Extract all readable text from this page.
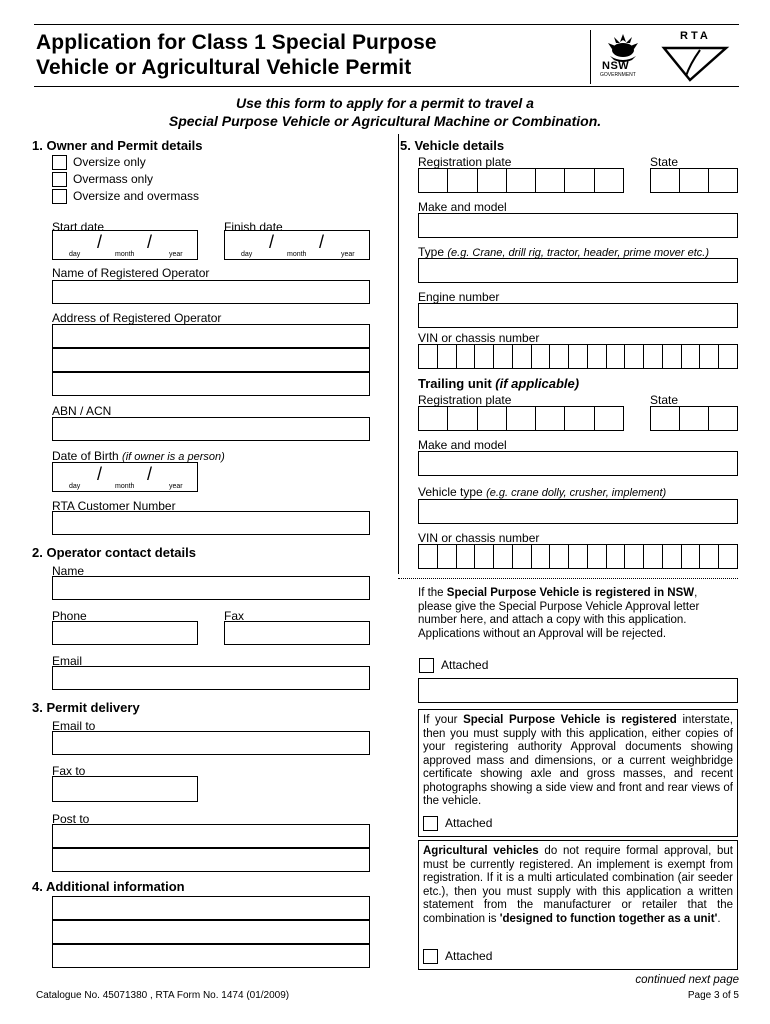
Application for Class 1 Special Purpose
Vehicle or Agricultural Vehicle Permit	NSW
GOVERNMENT
RTA
Use this form to apply for a permit to travel a
Special Purpose Vehicle or Agricultural Machine or Combination.
1. Owner and Permit details
Oversize only
Overmass only
Oversize and overmass
Start date
/ /
day	month	year
Finish date
/ /
day	month	year
Name of Registered Operator
Address of Registered Operator
ABN / ACN
Date of Birth (if owner is a person)
/ /
day	month	year
RTA Customer Number
2. Operator contact details
Name
Phone	Fax
Email
3. Permit delivery
Email to
Fax to
Post to
4. Additional information
5. Vehicle details
Registration plate	State
Make and model
Type (e.g. Crane, drill rig, tractor, header, prime mover etc.)
Engine number
VIN or chassis number
Trailing unit (if applicable)
Registration plate	State
Make and model
Vehicle type (e.g. crane dolly, crusher, implement)
VIN or chassis number
If the Special Purpose Vehicle is registered in NSW, please give the Special Purpose Vehicle Approval letter number here, and attach a copy with this application. Applications without an Approval will be rejected.
Attached
If your Special Purpose Vehicle is registered interstate, then you must supply with this application, either copies of your registering authority Approval documents showing approved mass and dimensions, or a current weighbridge certificate showing axle and gross masses, and recent photographs showing a side view and front and rear views of the vehicle.
Attached
Agricultural vehicles do not require formal approval, but must be currently registered. An implement is exempt from registration. If it is a multi articulated combination (air seeder etc.), then you must supply with this application a written statement from the manufacturer or retailer that the combination is 'designed to function together as a unit'.
Attached
Catalogue No. 45071380 , RTA Form No. 1474 (01/2009)
continued next page
Page 3 of 5
